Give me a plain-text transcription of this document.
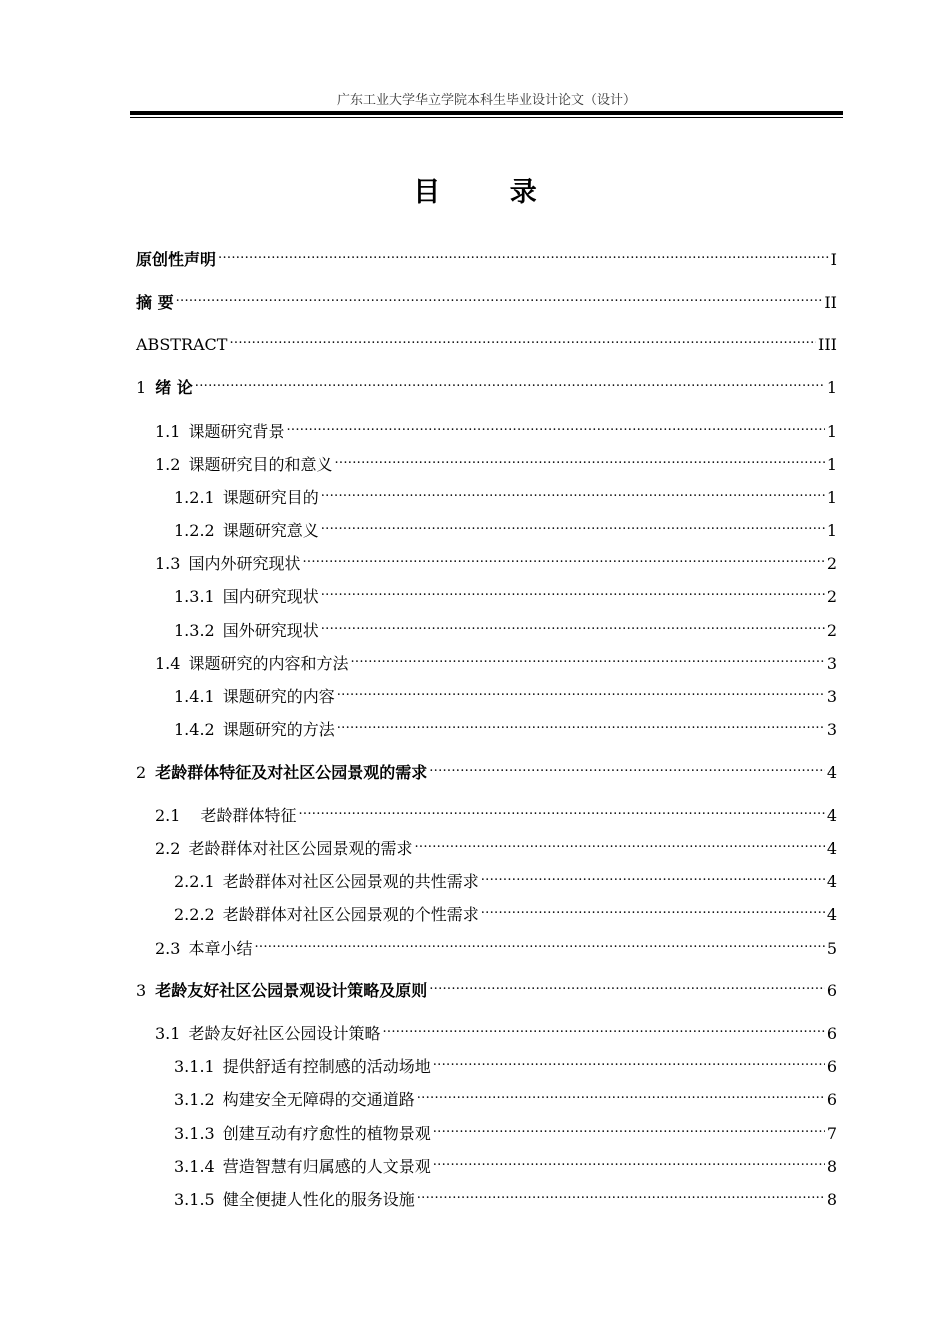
广东工业大学华立学院本科生毕业设计论文（设计）
目 录
原创性声明 .....	I
摘 要 .....	II
ABSTRACT .....	III
1 绪 论 .....	1
1.1 课题研究背景 .....	1
1.2 课题研究目的和意义 .....	1
1.2.1 课题研究目的 .....	1
1.2.2 课题研究意义 .....	1
1.3 国内外研究现状 .....	2
1.3.1 国内研究现状 .....	2
1.3.2 国外研究现状 .....	2
1.4 课题研究的内容和方法 .....	3
1.4.1 课题研究的内容 .....	3
1.4.2 课题研究的方法 .....	3
2 老龄群体特征及对社区公园景观的需求 .....	4
2.1 老龄群体特征 .....	4
2.2 老龄群体对社区公园景观的需求 .....	4
2.2.1 老龄群体对社区公园景观的共性需求 .....	4
2.2.2 老龄群体对社区公园景观的个性需求 .....	4
2.3 本章小结 .....	5
3 老龄友好社区公园景观设计策略及原则 .....	6
3.1 老龄友好社区公园设计策略 .....	6
3.1.1 提供舒适有控制感的活动场地 .....	6
3.1.2 构建安全无障碍的交通道路 .....	6
3.1.3 创建互动有疗愈性的植物景观 .....	7
3.1.4 营造智慧有归属感的人文景观 .....	8
3.1.5 健全便捷人性化的服务设施 .....	8
